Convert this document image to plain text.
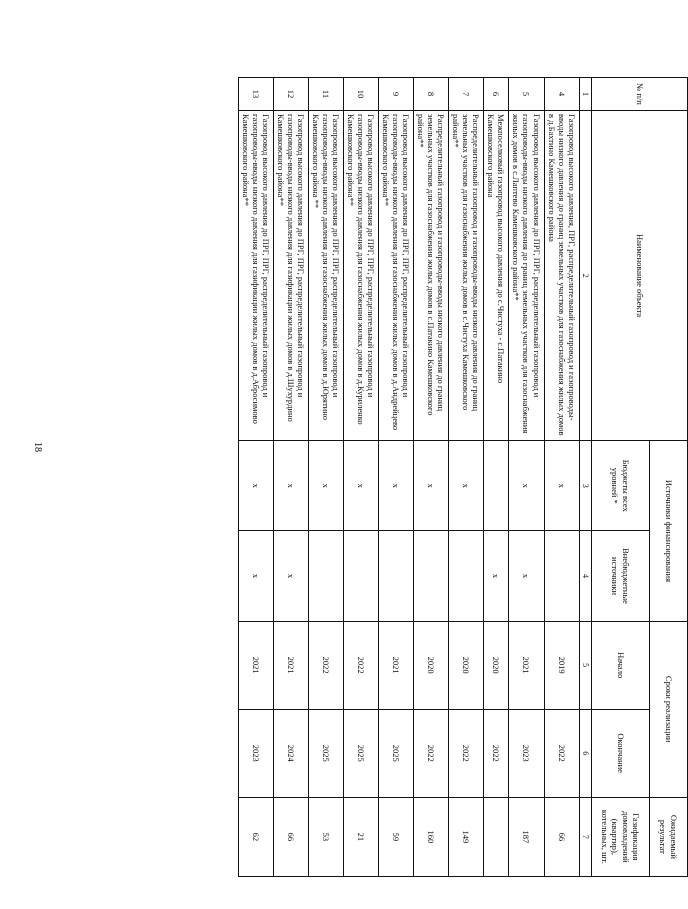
18
№ п/п	Наименование объекта	Источники финансирования		Сроки реализации		Ожидаемый результат
		Бюджеты всех уровней *	Внебюджетные источники	Начало	Окончание	Газификация домовладений (квартир), котельных, шт.
1	2	3	4	5	6	7
4	Газопровод высокого давления, ПРГ, распределительный газопровод и газопроводы-вводы низкого давления до границ земельных участков для газоснабжения жилых домов в д.Бахтино Камешковского района	х		2019	2022	66
5	Газопровод высокого давления до ПРГ, ПРГ, распределительный газопровод и газопроводы-вводы низкого давления до границ земельных участков для газоснабжения жилых домов в с.Лаптево Камешковского района**	х	х	2021	2023	187
6	Межпоселковый газопровод высокого давления до с.Чистуха - с.Патакино Камешковского района		х	2020	2022	
7	Распределительный газопровод и газопроводы-вводы низкого давления до границ земельных участков для газоснабжения жилых домов в с.Чистуха Камешковского района**	х		2020	2022	149
8	Распределительный газопровод и газопроводы-вводы низкого давления до границ земельных участков для газоснабжения жилых домов в с.Патакино Камешковского района**	х		2020	2022	160
9	Газопровод высокого давления до ПРГ, ПРГ, распределительный газопровод и газопроводы-вводы низкого давления для газоснабжения жилых домов в д.Андрейцево Камешковского района**	х		2021	2025	59
10	Газопровод высокого давления до ПРГ, ПРГ, распределительный газопровод и газопроводы-вводы низкого давления для газоснабжения жилых домов в д.Куриленко Камешковского района**	х		2022	2025	21
11	Газопровод высокого давления до ПРГ, ПРГ, распределительный газопровод и газопроводы-вводы низкого давления для газоснабжения жилых домов в д.Юрятино Камешковского района **	х		2022	2025	53
12	Газопровод высокого давления до ПРГ, ПРГ, распределительный газопровод и газопроводы-вводы низкого давления для газификации жилых домов в д.Шухурдино Камешковского района**	х	х	2021	2024	66
13	Газопровод высокого давления до ПРГ, ПРГ, распределительный газопровод и газопроводы-вводы низкого давления для газификации жилых домов в д.Абросимово Камешковского района**	х	х	2021	2023	62
